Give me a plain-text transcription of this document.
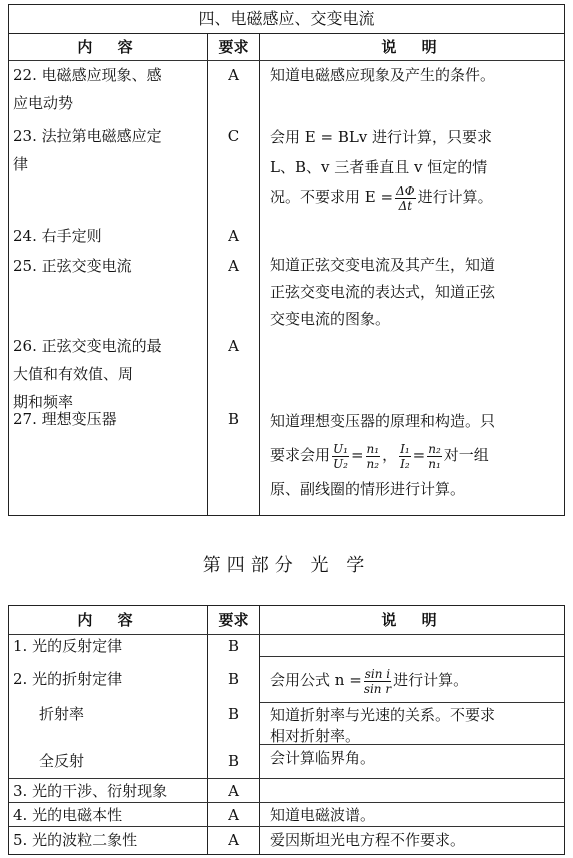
四、电磁感应、交变电流
内 容	要求	说 明
22. 电磁感应现象、感
应电动势
A	知道电磁感应现象及产生的条件。
23. 法拉第电磁感应定
律
C	会用 E = BLv 进行计算，只要求
L、B、v 三者垂直且 v 恒定的情
况。不要求用 $E = \frac{\Delta\Phi}{\Delta t}$ 进行计算。
24. 右手定则	A
25. 正弦交变电流	A	知道正弦交变电流及其产生，知道
正弦交变电流的表达式，知道正弦
交变电流的图象。
26. 正弦交变电流的最
大值和有效值、周
期和频率
A
27. 理想变压器	B	知道理想变压器的原理和构造。只
要求会用 $\frac{\text{U₁}}{\text{U₂}} = \frac{\text{n₁}}{\text{n₂}}$ ， $\frac{\text{I₁}}{\text{I₂}} = \frac{\text{n₂}}{\text{n₁}}$ 对一组
原、副线圈的情形进行计算。
第四部分 光 学
内 容	要求	说 明
1. 光的反射定律	B
2. 光的折射定律	B	会用公式 $n = \frac{\text{sin i}}{\text{sin r}}$ 进行计算。
折射率	B	知道折射率与光速的关系。不要求
相对折射率。
全反射	B	会计算临界角。
3. 光的干涉、衍射现象	A
4. 光的电磁本性	A	知道电磁波谱。
5. 光的波粒二象性	A	爱因斯坦光电方程不作要求。
